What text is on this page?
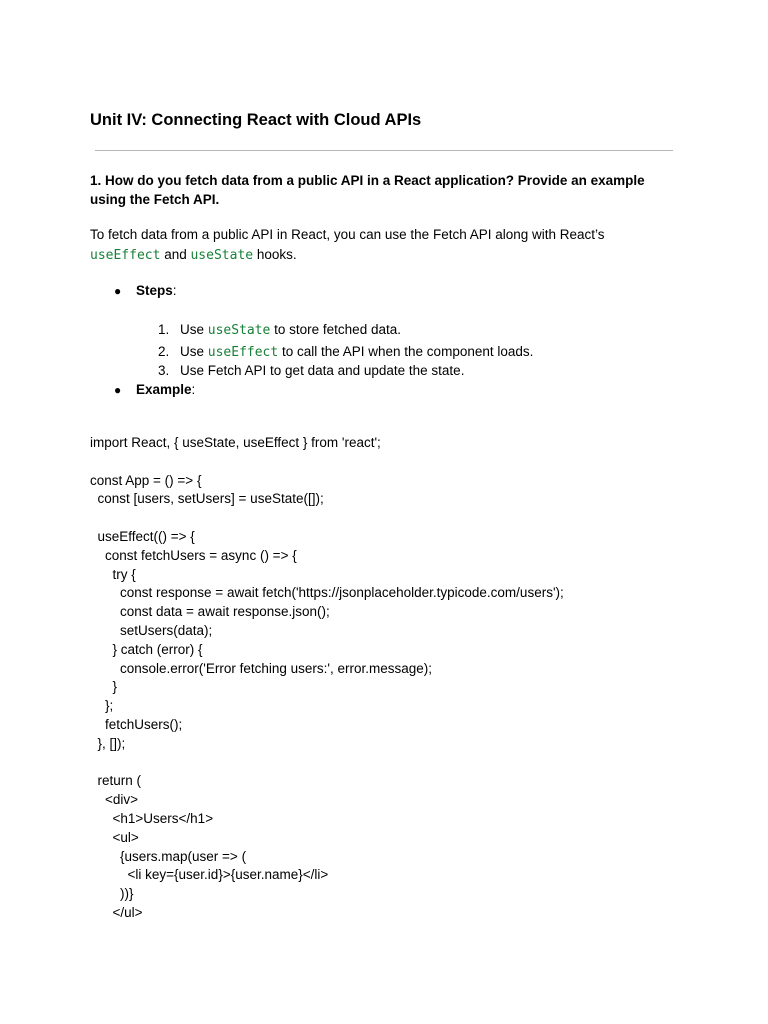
Unit IV: Connecting React with Cloud APIs

1. How do you fetch data from a public API in a React application? Provide an example using the Fetch API.

To fetch data from a public API in React, you can use the Fetch API along with React’s
useEffect and useState hooks.

● Steps:

1. Use useState to store fetched data.

2. Use useEffect to call the API when the component loads.

3. Use Fetch API to get data and update the state.

● Example:

import React, { useState, useEffect } from 'react';
const App = () => {
const [users, setUsers] = useState([]);
useEffect(() => {
const fetchUsers = async () => {
try {
const response = await fetch('https://jsonplaceholder.typicode.com/users');
const data = await response.json();
setUsers(data);
} catch (error) {
console.error('Error fetching users:', error.message);
}
};
fetchUsers();
}, []);
return (
<div>
<h1>Users</h1>
<ul>
{users.map(user => (
<li key={user.id}>{user.name}</li>
))}
</ul>
